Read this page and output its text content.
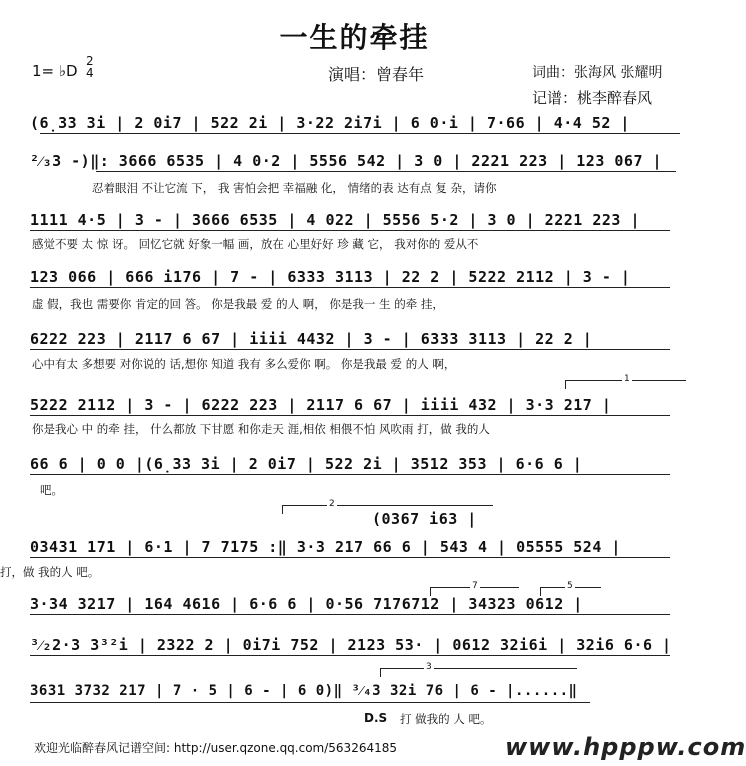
一生的牵挂
1= ♭D
2
4	演唱：曾春年	词曲：张海风 张耀明
记谱：桃李醉春风
1
2
7	5
3
(6̣33 3i | 2 0i7 | 522 2i | 3·22 2i7i | 6 0·i | 7·66 | 4·4 52 |
²⁄₃3 -)‖: 3666 6535 | 4 0·2 | 5556 542 | 3 0 | 2221 223 | 123 067 |
忍着眼泪 不让它流 下， 我 害怕会把 幸福融 化， 情绪的表 达有点 复 杂，请你
1111 4·5 | 3 - | 3666 6535 | 4 022 | 5556 5·2 | 3 0 | 2221 223 |
感觉不要 太 惊 讶。 回忆它就 好象一幅 画，放在 心里好好 珍 藏 它， 我对你的 爱从不
123 066 | 666 i176 | 7 - | 6333 3113 | 22 2 | 5222 2112 | 3 - |
虚 假，我也 需要你 肯定的回 答。 你是我最 爱 的人 啊， 你是我一 生 的牵 挂，
6222 223 | 2117 6 67 | iiii 4432 | 3 - | 6333 3113 | 22 2 |
心中有太 多想要 对你说的 话,想你 知道 我有 多么爱你 啊。 你是我最 爱 的人 啊，
5222 2112 | 3 - | 6222 223 | 2117 6 67 | iiii 432 | 3·3 217 |
你是我心 中 的牵 挂， 什么都放 下甘愿 和你走天 涯,相依 相偎不怕 风吹雨 打，做 我的人
66 6 | 0 0 |(6̣33 3i | 2 0i7 | 522 2i | 3512 353 | 6·6 6 |
吧。
(0367 i63 |
03431 171 | 6·1 | 7 7175 :‖ 3·3 217 66 6 | 543 4 | 05555 524 |
打，做 我的人 吧。
3·34 3217 | 164 4616 | 6·6 6 | 0·56 7176712 | 34323 0612 |
³⁄₂2·3 3³²i | 2322 2 | 0i7i 752 | 2123 53· | 0612 32i6i | 32i6 6·6 |
3631 3732 217 | 7 · 5 | 6 - | 6 0)‖ ³⁄₄3 32i 76 | 6 - |......‖
D.S 打 做我的 人 吧。
欢迎光临醉春风记谱空间: http://user.qzone.qq.com/563264185	www.hpppw.com
